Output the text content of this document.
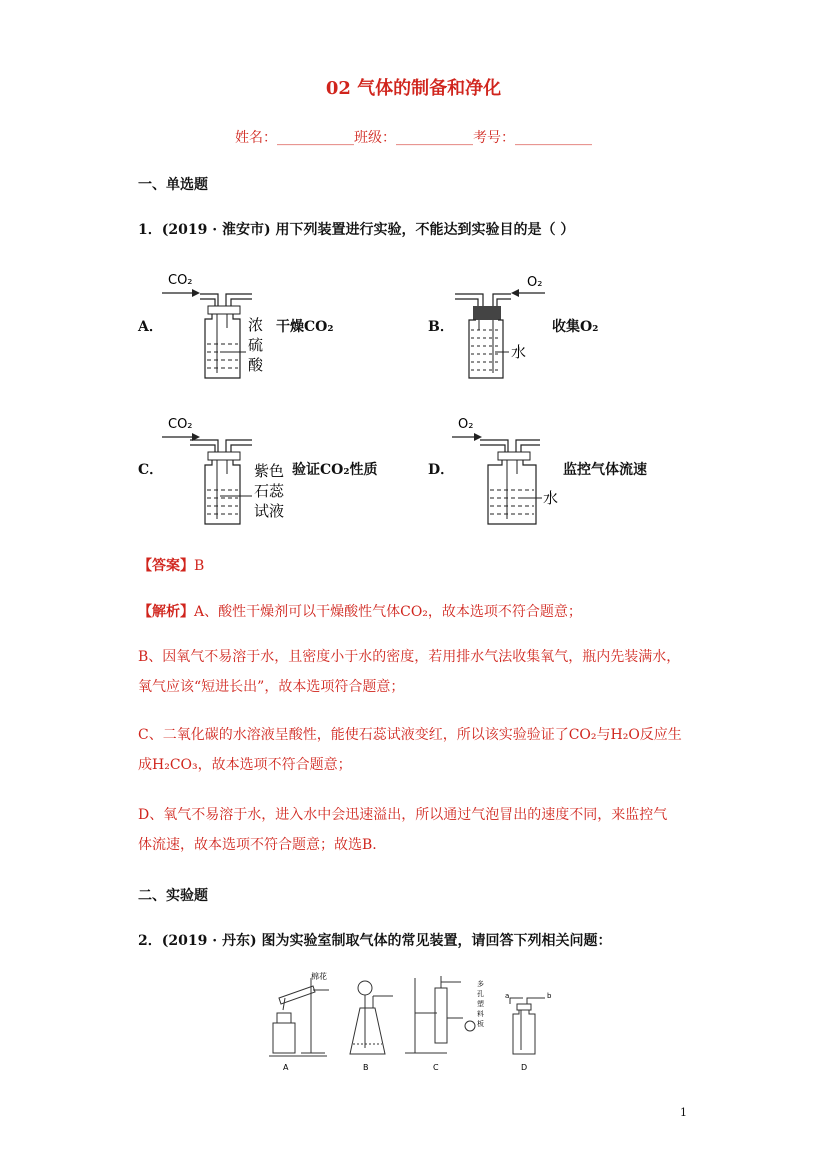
02 气体的制备和净化
姓名：___________班级：___________考号：___________
一、单选题
1．(2019 · 淮安市) 用下列装置进行实验，不能达到实验目的是（ ）
A．	干燥CO₂	B．	收集O₂
C．	验证CO₂性质	D．	监控气体流速
CO₂
浓
硫
酸
O₂
水
CO₂
紫色
石蕊
试液
O₂
水
【答案】B
【解析】A、酸性干燥剂可以干燥酸性气体CO₂，故本选项不符合题意；
B、因氧气不易溶于水，且密度小于水的密度，若用排水气法收集氧气，瓶内先装满水，
氧气应该“短进长出”，故本选项符合题意；
C、二氧化碳的水溶液呈酸性，能使石蕊试液变红，所以该实验验证了CO₂与H₂O反应生
成H₂CO₃，故本选项不符合题意；
D、氧气不易溶于水，进入水中会迅速溢出，所以通过气泡冒出的速度不同，来监控气
体流速，故本选项不符合题意；故选B.
二、实验题
2．(2019 · 丹东) 图为实验室制取气体的常见装置，请回答下列相关问题：
棉花
A	B
多
孔
塑
料
板
C
a	b
D
1
